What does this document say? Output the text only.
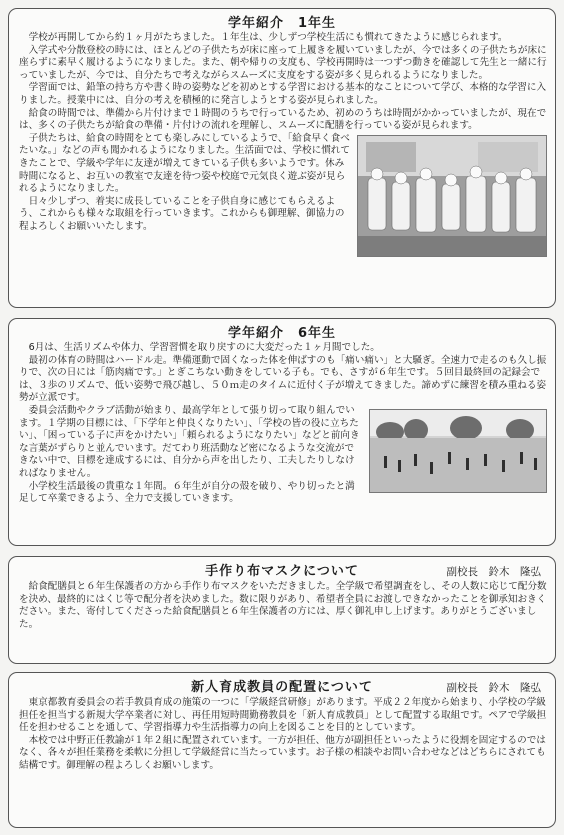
学年紹介　1年生

学校が再開してから約１ヶ月がたちました。１年生は、少しずつ学校生活にも慣れてきたように感じられます。

入学式や分散登校の時には、ほとんどの子供たちが床に座って上履きを履いていましたが、今では多くの子供たちが床に座らずに素早く履けるようになりました。また、朝や帰りの支度も、学校再開時は一つずつ動きを確認して先生と一緒に行っていましたが、今では、自分たちで考えながらスムーズに支度をする姿が多く見られるようになりました。

学習面では、鉛筆の持ち方や書く時の姿勢などを初めとする学習における基本的なことについて学び、本格的な学習に入りました。授業中には、自分の考えを積極的に発言しようとする姿が見られました。

給食の時間では、準備から片付けまで１時間のうちで行っているため、初めのうちは時間がかかっていましたが、現在では、多くの子供たちが給食の準備・片付けの流れを理解し、スムーズに配膳を行っている姿が見られます。

子供たちは、給食の時間をとても楽しみにしているようで、「給食早く食べたいな。」などの声も聞かれるようになりました。生活面では、学校に慣れてきたことで、学級や学年に友達が増えてきている子供も多いようです。休み時間になると、お互いの教室で友達を待つ姿や校庭で元気良く遊ぶ姿が見られるようになりました。

日々少しずつ、着実に成長していることを子供自身に感じてもらえるよう、これからも様々な取組を行っていきます。これからも御理解、御協力の程よろしくお願いいたします。

学年紹介　6年生

6月は、生活リズムや体力、学習習慣を取り戻すのに大変だった１ヶ月間でした。

最初の体育の時間はハードル走。準備運動で固くなった体を伸ばすのも「痛い痛い」と大騒ぎ。全速力で走るのも久し振りで、次の日には「筋肉痛です。」とぎこちない動きをしている子も。でも、さすが６年生です。５回目最終回の記録会では、３歩のリズムで、低い姿勢で飛び越し、５０ｍ走のタイムに近付く子が増えてきました。諦めずに練習を積み重ねる姿勢が立派です。

委員会活動やクラブ活動が始まり、最高学年として張り切って取り組んでいます。１学期の目標には、「下学年と仲良くなりたい」、「学校の皆の役に立ちたい」、「困っている子に声をかけたい」「頼られるようになりたい」などと前向きな言葉がずらりと並んでいます。だてわり班活動など密になるような交流ができない中で、目標を達成するには、自分から声を出したり、工夫したりしなければなりません。

小学校生活最後の貴重な１年間。６年生が自分の殻を破り、やり切ったと満足して卒業できるよう、全力で支援していきます。

手作り布マスクについて	副校長　鈴木　隆弘

給食配膳員と６年生保護者の方から手作り布マスクをいただきました。全学級で希望調査をし、その人数に応じて配分数を決め、最終的にはくじ等で配分者を決めました。数に限りがあり、希望者全員にお渡しできなかったことを御承知おきください。また、寄付してくださった給食配膳員と６年生保護者の方には、厚く御礼申し上げます。ありがとうございました。

新人育成教員の配置について	副校長　鈴木　隆弘

東京都教育委員会の若手教員育成の施策の一つに「学級経営研修」があります。平成２２年度から始まり、小学校の学級担任を担当する新規大学卒業者に対し、再任用短時間勤務教員を「新人育成教員」として配置する取組です。ペアで学級担任を担わせることを通して、学習指導力や生活指導力の向上を図ることを目的としています。

本校では中野正任教諭が１年２組に配置されています。一方が担任、他方が副担任といったように役割を固定するのではなく、各々が担任業務を柔軟に分担して学級経営に当たっています。お子様の相談やお問い合わせなどはどちらにされても結構です。御理解の程よろしくお願いします。
